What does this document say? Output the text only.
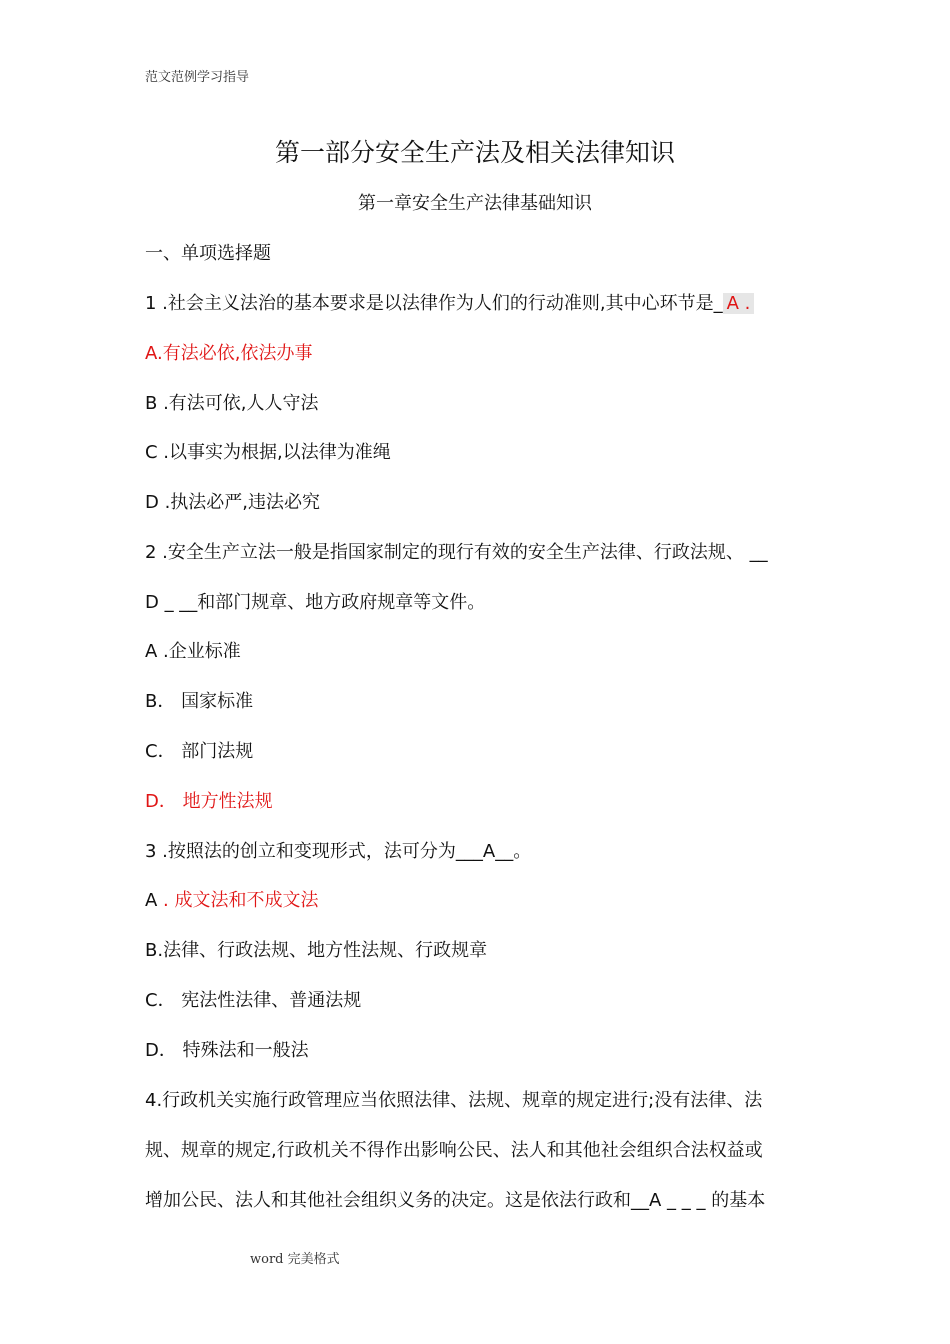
范文范例学习指导
第一部分安全生产法及相关法律知识
第一章安全生产法律基础知识
一、单项选择题
1 .社会主义法治的基本要求是以法律作为人们的行动准则,其中心环节是_ A .
A.有法必依,依法办事
B .有法可依,人人守法
C .以事实为根据,以法律为准绳
D .执法必严,违法必究
2 .安全生产立法一般是指国家制定的现行有效的安全生产法律、行政法规、 __
D _ __和部门规章、地方政府规章等文件。
A .企业标准
B． 国家标准
C． 部门法规
D． 地方性法规
3 .按照法的创立和变现形式，法可分为___A__。
A . 成文法和不成文法
B.法律、行政法规、地方性法规、行政规章
C． 宪法性法律、普通法规
D． 特殊法和一般法
4.行政机关实施行政管理应当依照法律、法规、规章的规定进行;没有法律、法
规、规章的规定,行政机关不得作出影响公民、法人和其他社会组织合法权益或
增加公民、法人和其他社会组织义务的决定。这是依法行政和__A _ _ _ 的基本
word 完美格式
